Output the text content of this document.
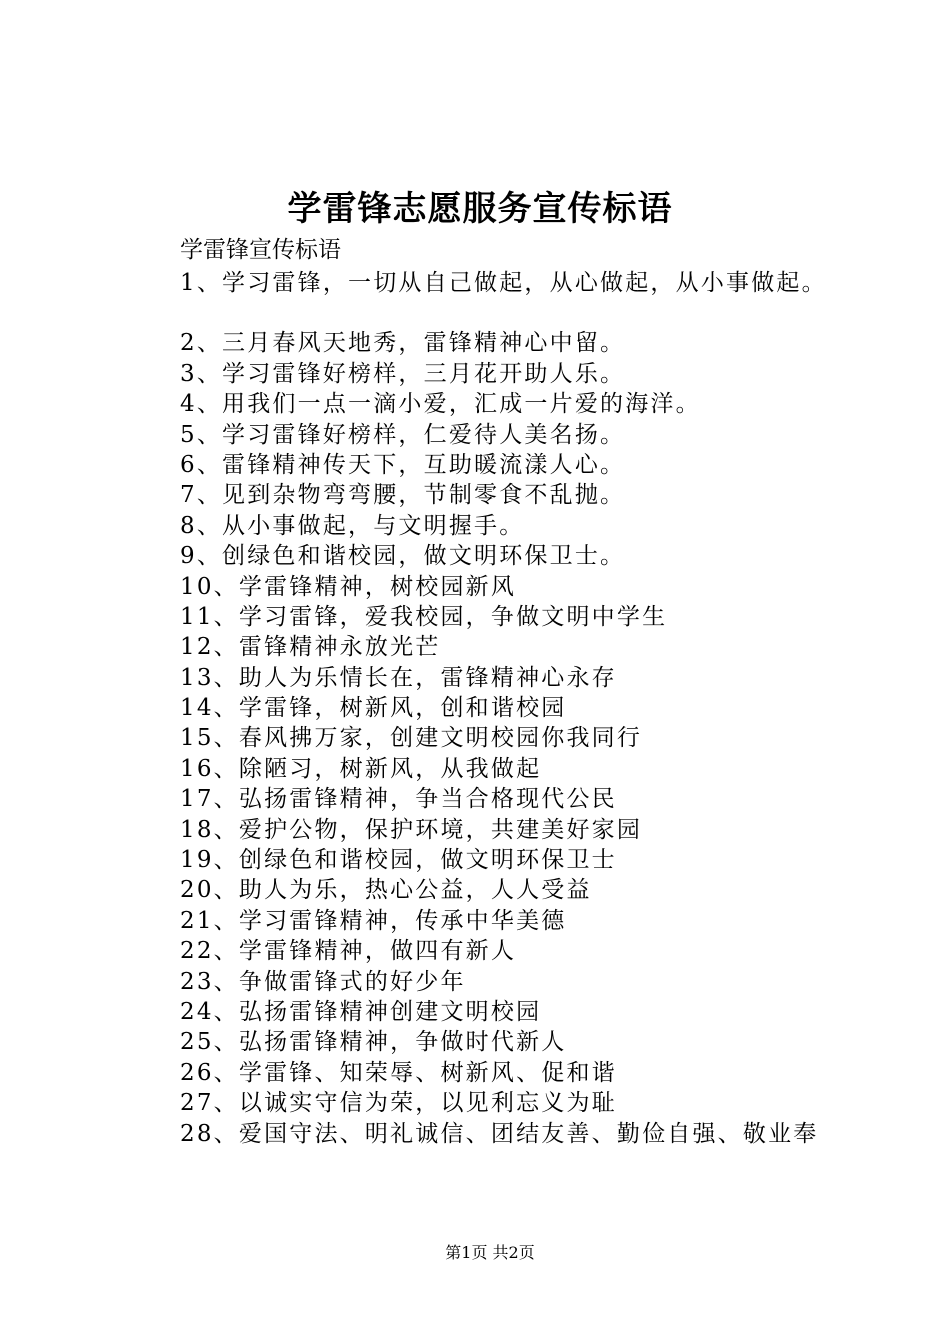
学雷锋志愿服务宣传标语
学雷锋宣传标语
1、学习雷锋，一切从自己做起，从心做起，从小事做起。
2、三月春风天地秀，雷锋精神心中留。
3、学习雷锋好榜样，三月花开助人乐。
4、用我们一点一滴小爱，汇成一片爱的海洋。
5、学习雷锋好榜样，仁爱待人美名扬。
6、雷锋精神传天下，互助暖流漾人心。
7、见到杂物弯弯腰，节制零食不乱抛。
8、从小事做起，与文明握手。
9、创绿色和谐校园，做文明环保卫士。
10、学雷锋精神，树校园新风
11、学习雷锋，爱我校园，争做文明中学生
12、雷锋精神永放光芒
13、助人为乐情长在，雷锋精神心永存
14、学雷锋，树新风，创和谐校园
15、春风拂万家，创建文明校园你我同行
16、除陋习，树新风，从我做起
17、弘扬雷锋精神，争当合格现代公民
18、爱护公物，保护环境，共建美好家园
19、创绿色和谐校园，做文明环保卫士
20、助人为乐，热心公益，人人受益
21、学习雷锋精神，传承中华美德
22、学雷锋精神，做四有新人
23、争做雷锋式的好少年
24、弘扬雷锋精神创建文明校园
25、弘扬雷锋精神，争做时代新人
26、学雷锋、知荣辱、树新风、促和谐
27、以诚实守信为荣，以见利忘义为耻
28、爱国守法、明礼诚信、团结友善、勤俭自强、敬业奉
第1页 共2页
